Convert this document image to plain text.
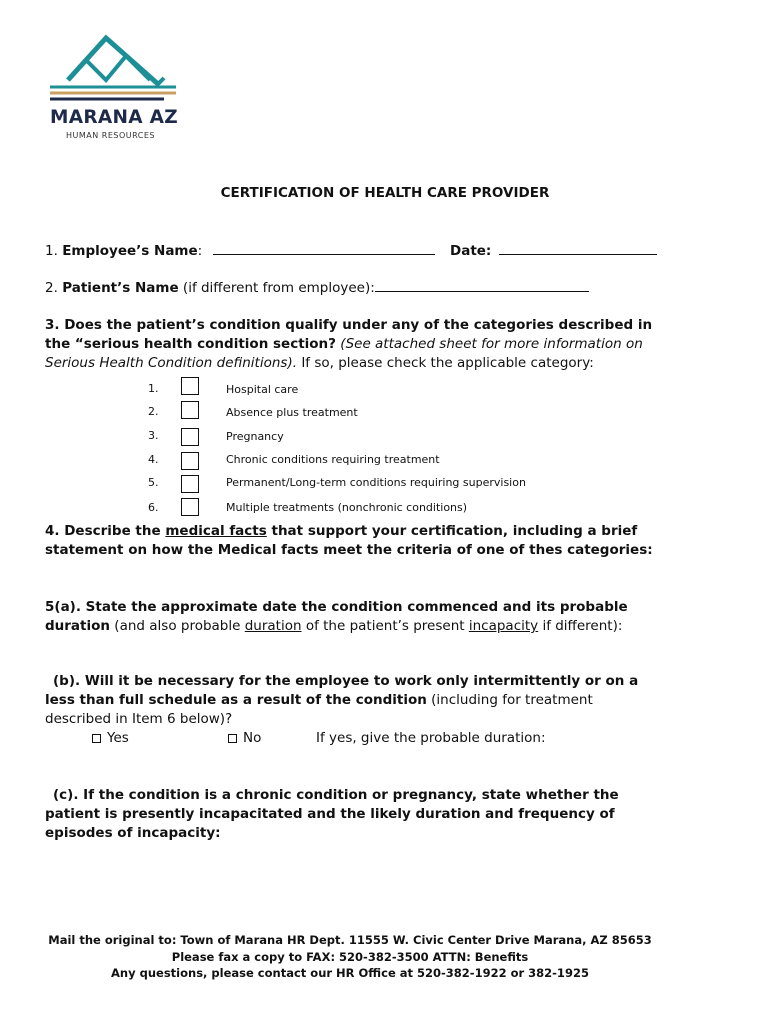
MARANA AZ
HUMAN RESOURCES
CERTIFICATION OF HEALTH CARE PROVIDER
1. Employee’s Name:	Date:
2. Patient’s Name (if different from employee):
3. Does the patient’s condition qualify under any of the categories described in
the “serious health condition section? (See attached sheet for more information on Serious Health Condition definitions). If so, please check the applicable category:
1.	Hospital care
2.	Absence plus treatment
3.	Pregnancy
4.	Chronic conditions requiring treatment
5.	Permanent/Long-term conditions requiring supervision
6.	Multiple treatments (nonchronic conditions)
4. Describe the medical facts that support your certification, including a brief statement on how the Medical facts meet the criteria of one of thes categories:
5(a). State the approximate date the condition commenced and its probable duration (and also probable duration of the patient’s present incapacity if different):
(b). Will it be necessary for the employee to work only intermittently or on a less than full schedule as a result of the condition (including for treatment described in Item 6 below)?
Yes	No	If yes, give the probable duration:
(c). If the condition is a chronic condition or pregnancy, state whether the patient is presently incapacitated and the likely duration and frequency of episodes of incapacity:
Mail the original to: Town of Marana HR Dept. 11555 W. Civic Center Drive Marana, AZ 85653
Please fax a copy to FAX: 520-382-3500 ATTN: Benefits
Any questions, please contact our HR Office at 520-382-1922 or 382-1925
